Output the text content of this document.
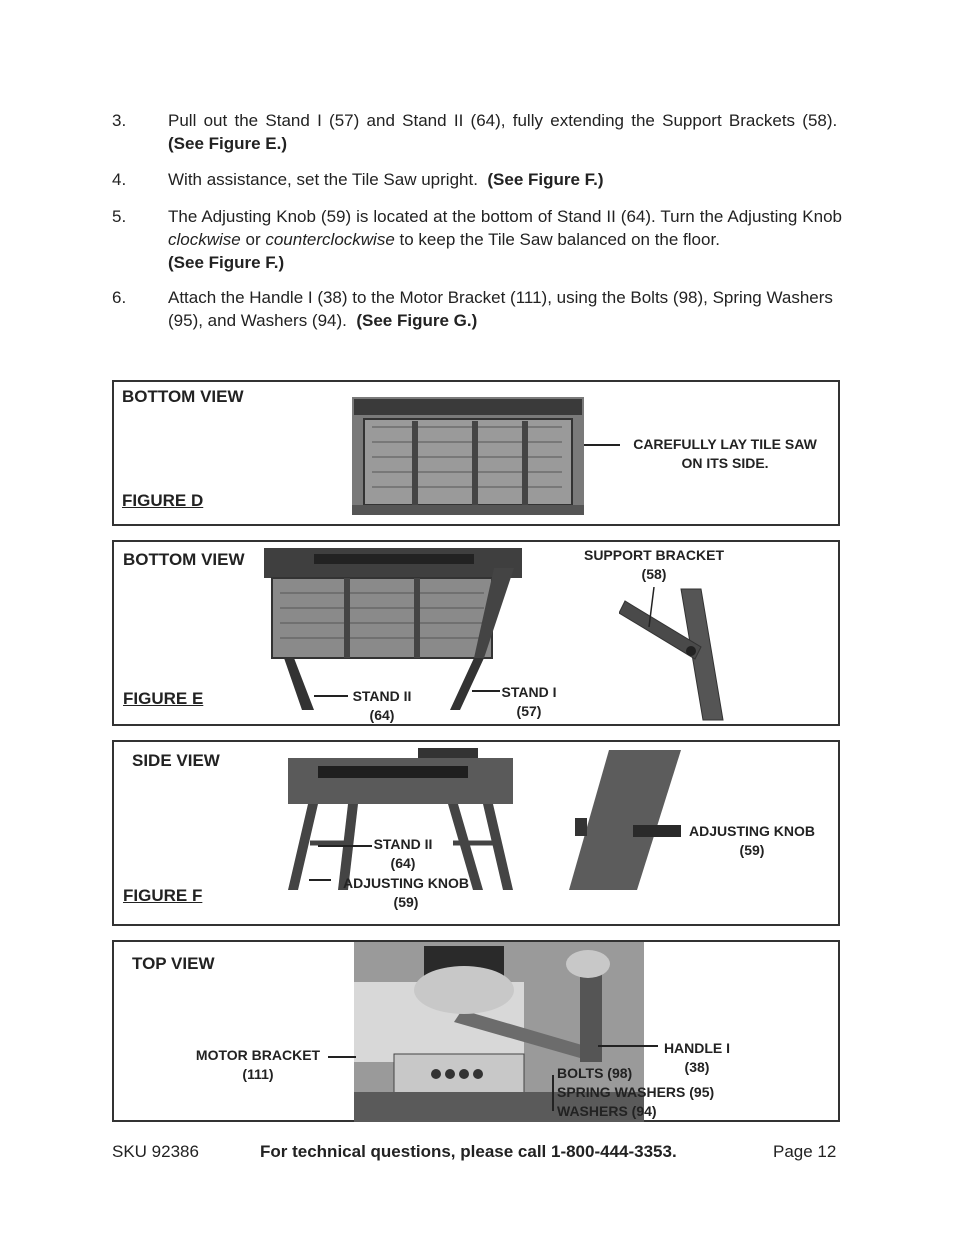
3. Pull out the Stand I (57) and Stand II (64), fully extending the Support Brackets (58).  (See Figure E.)
4. With assistance, set the Tile Saw upright. (See Figure F.)
5. The Adjusting Knob (59) is located at the bottom of Stand II (64). Turn the Adjusting Knob clockwise or counterclockwise to keep the Tile Saw balanced on the floor.
(See Figure F.)
6. Attach the Handle I (38) to the Motor Bracket (111), using the Bolts (98), Spring Washers (95), and Washers (94). (See Figure G.)
BOTTOM VIEW
FIGURE D
CAREFULLY LAY TILE SAW
ON ITS SIDE.
BOTTOM VIEW
FIGURE E	STAND II
(64)
STAND I
(57)
SUPPORT BRACKET
(58)
SIDE VIEW
FIGURE F
STAND II
(64)
ADJUSTING KNOB
(59)
ADJUSTING KNOB
(59)
TOP VIEW
MOTOR BRACKET
(111)
HANDLE I
(38)
BOLTS (98)
SPRING WASHERS (95)
WASHERS (94)
SKU 92386	For technical questions, please call 1-800-444-3353.	Page 12
